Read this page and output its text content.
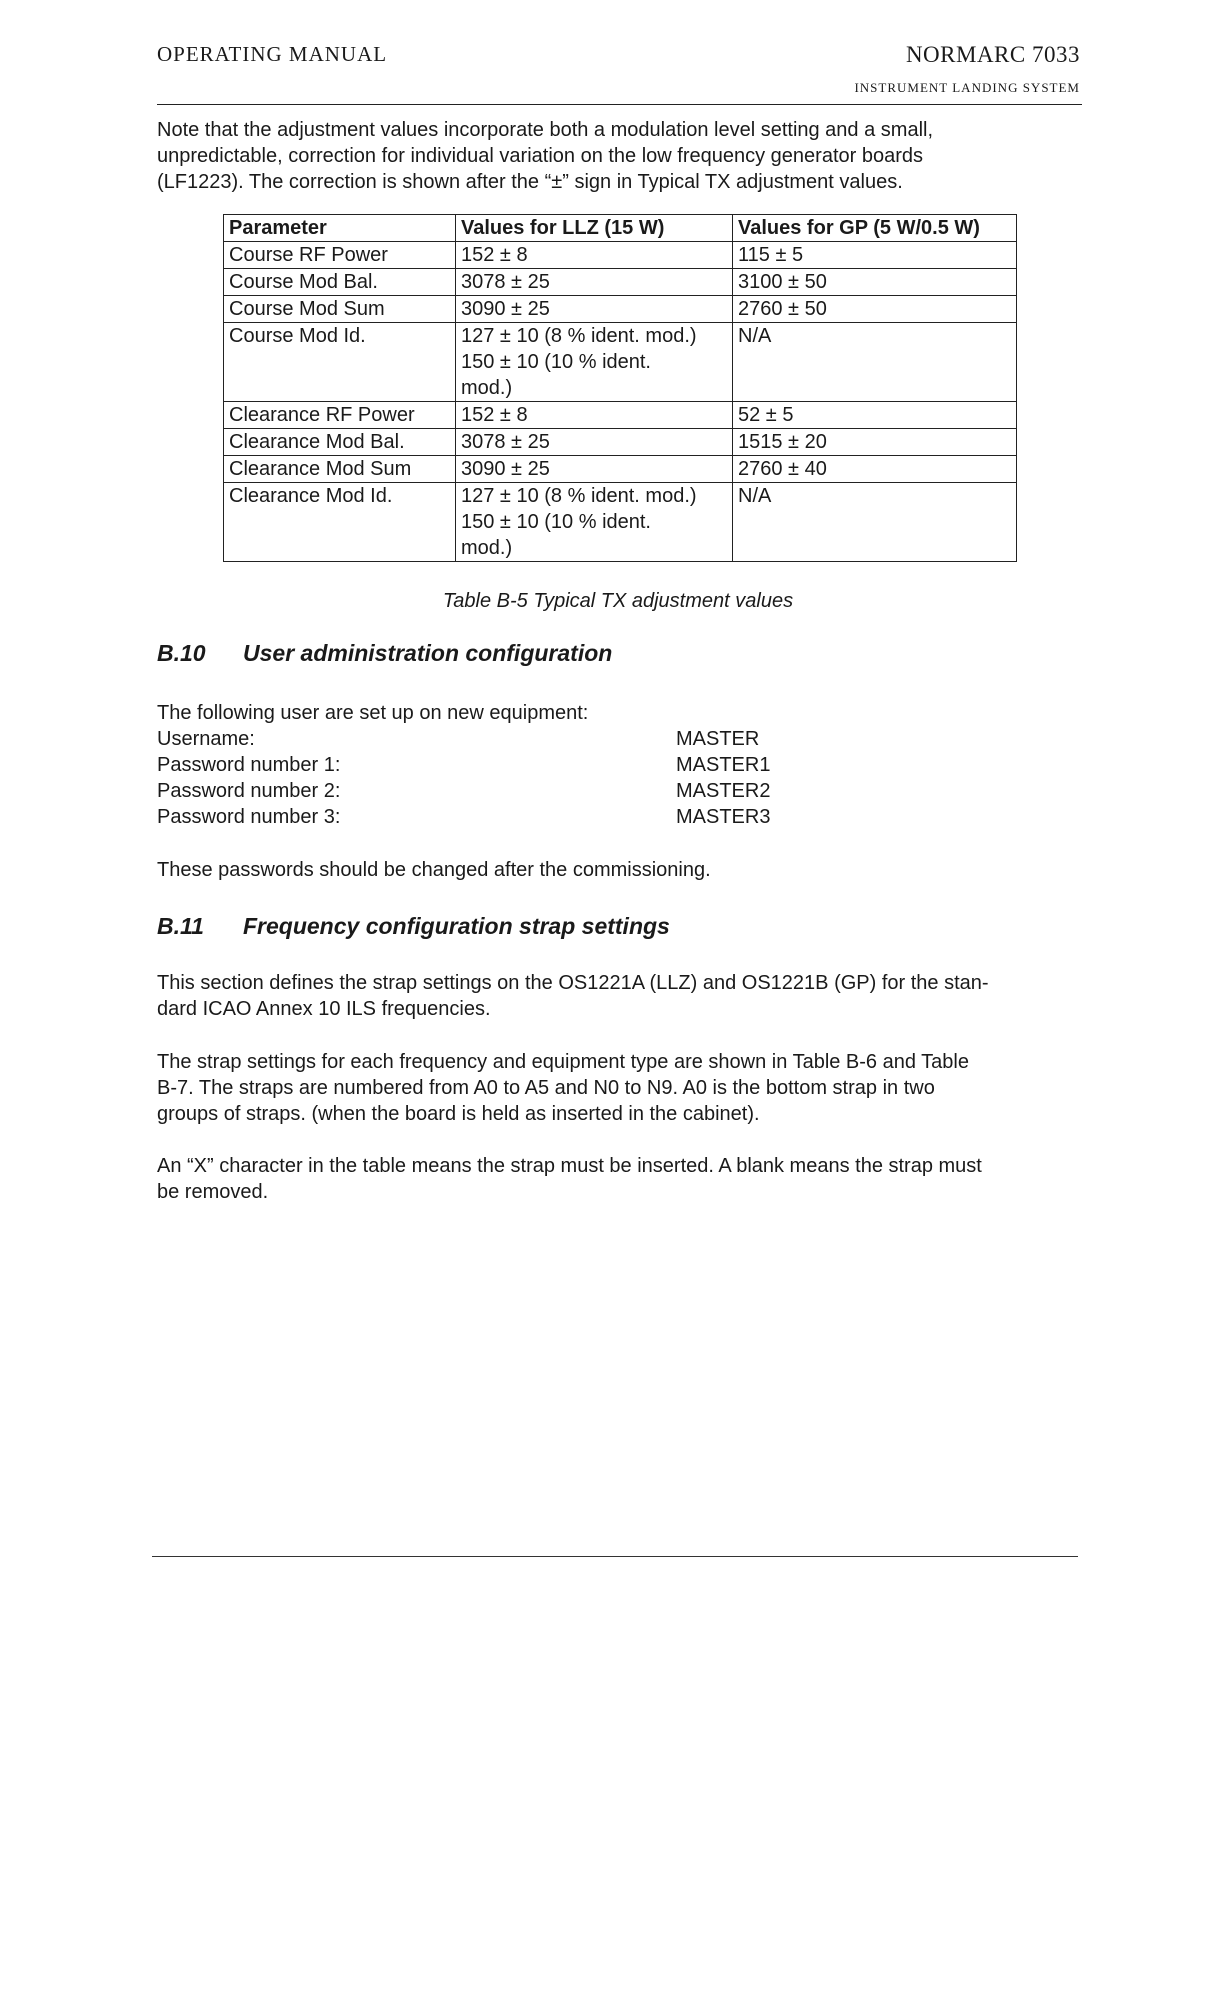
OPERATING MANUAL	NORMARC 7033
INSTRUMENT LANDING SYSTEM
Note that the adjustment values incorporate both a modulation level setting and a small,
unpredictable, correction for individual variation on the low frequency generator boards
(LF1223). The correction is shown after the “±” sign in Typical TX adjustment values.
Parameter	Values for LLZ (15 W)	Values for GP (5 W/0.5 W)
Course RF Power	152 ± 8	115 ± 5
Course Mod Bal.	3078 ± 25	3100 ± 50
Course Mod Sum	3090 ± 25	2760 ± 50
Course Mod Id.	127 ± 10 (8 % ident. mod.)
150 ± 10 (10 % ident.
mod.)	N/A
Clearance RF Power	152 ± 8	52 ± 5
Clearance Mod Bal.	3078 ± 25	1515 ± 20
Clearance Mod Sum	3090 ± 25	2760 ± 40
Clearance Mod Id.	127 ± 10 (8 % ident. mod.)
150 ± 10 (10 % ident.
mod.)	N/A
Table B-5 Typical TX adjustment values
B.10 User administration configuration
The following user are set up on new equipment:
Username:	MASTER
Password number 1:	MASTER1
Password number 2:	MASTER2
Password number 3:	MASTER3
These passwords should be changed after the commissioning.
B.11 Frequency configuration strap settings
This section defines the strap settings on the OS1221A (LLZ) and OS1221B (GP) for the stan-
dard ICAO Annex 10 ILS frequencies.
The strap settings for each frequency and equipment type are shown in Table B-6 and Table
B-7. The straps are numbered from A0 to A5 and N0 to N9. A0 is the bottom strap in two
groups of straps. (when the board is held as inserted in the cabinet).
An “X” character in the table means the strap must be inserted. A blank means the strap must
be removed.
